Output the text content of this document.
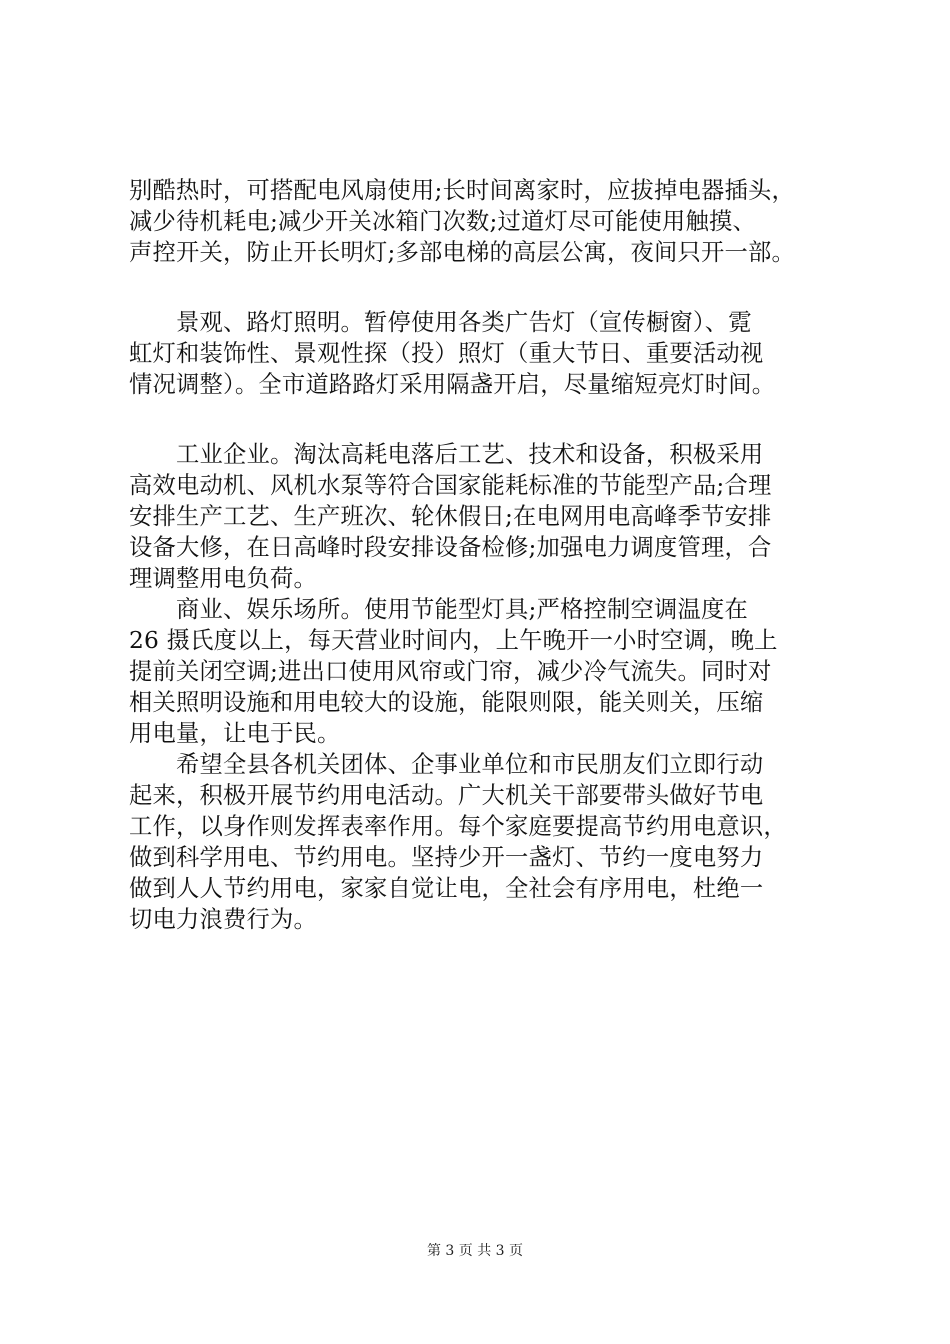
别酷热时，可搭配电风扇使用;长时间离家时，应拔掉电器插头，
减少待机耗电;减少开关冰箱门次数;过道灯尽可能使用触摸、
声控开关，防止开长明灯;多部电梯的高层公寓，夜间只开一部。
　　景观、路灯照明。暂停使用各类广告灯（宣传橱窗）、霓
虹灯和装饰性、景观性探（投）照灯（重大节日、重要活动视
情况调整）。全市道路路灯采用隔盏开启，尽量缩短亮灯时间。
　　工业企业。淘汰高耗电落后工艺、技术和设备，积极采用
高效电动机、风机水泵等符合国家能耗标准的节能型产品;合理
安排生产工艺、生产班次、轮休假日;在电网用电高峰季节安排
设备大修，在日高峰时段安排设备检修;加强电力调度管理，合
理调整用电负荷。
　　商业、娱乐场所。使用节能型灯具;严格控制空调温度在
26 摄氏度以上，每天营业时间内，上午晚开一小时空调，晚上
提前关闭空调;进出口使用风帘或门帘，减少冷气流失。同时对
相关照明设施和用电较大的设施，能限则限，能关则关，压缩
用电量，让电于民。
　　希望全县各机关团体、企事业单位和市民朋友们立即行动
起来，积极开展节约用电活动。广大机关干部要带头做好节电
工作，以身作则发挥表率作用。每个家庭要提高节约用电意识，
做到科学用电、节约用电。坚持少开一盏灯、节约一度电努力
做到人人节约用电，家家自觉让电，全社会有序用电，杜绝一
切电力浪费行为。
第 3 页 共 3 页
